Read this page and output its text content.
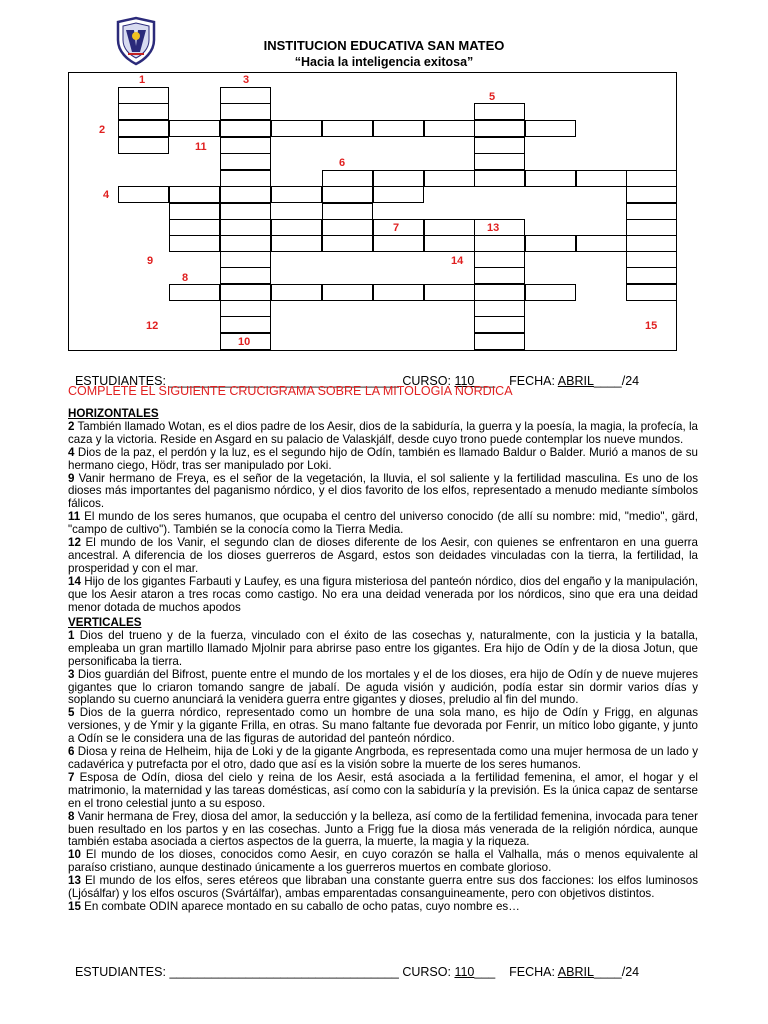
INSTITUCION EDUCATIVA SAN MATEO
“Hacia la inteligencia exitosa”
1
2
3
4
5
6
7
8
9
10
11
12
13
14
15

ESTUDIANTES: _________________________________ CURSO: 110___ FECHA: ABRIL____/24

COMPLETE EL SIGUIENTE CRUCIGRAMA SOBRE LA MITOLOGIA NORDICA
HORIZONTALES

2 También llamado Wotan, es el dios padre de los Aesir, dios de la sabiduría, la guerra y la poesía, la magia, la profecía, la caza y la victoria. Reside en Asgard en su palacio de Valaskjálf, desde cuyo trono puede contemplar los nueve mundos.

4 Dios de la paz, el perdón y la luz, es el segundo hijo de Odín, también es llamado Baldur o Balder. Murió a manos de su hermano ciego, Hödr, tras ser manipulado por Loki.

9 Vanir hermano de Freya, es el señor de la vegetación, la lluvia, el sol saliente y la fertilidad masculina. Es uno de los dioses más importantes del paganismo nórdico, y el dios favorito de los elfos, representado a menudo mediante símbolos fálicos.

11 El mundo de los seres humanos, que ocupaba el centro del universo conocido (de allí su nombre: mid, "medio", gärd, "campo de cultivo"). También se la conocía como la Tierra Media.

12 El mundo de los Vanir, el segundo clan de dioses diferente de los Aesir, con quienes se enfrentaron en una guerra ancestral. A diferencia de los dioses guerreros de Asgard, estos son deidades vinculadas con la tierra, la fertilidad, la prosperidad y con el mar.

14 Hijo de los gigantes Farbauti y Laufey, es una figura misteriosa del panteón nórdico, dios del engaño y la manipulación, que los Aesir ataron a tres rocas como castigo. No era una deidad venerada por los nórdicos, sino que era una deidad menor dotada de muchos apodos

VERTICALES

1 Dios del trueno y de la fuerza, vinculado con el éxito de las cosechas y, naturalmente, con la justicia y la batalla, empleaba un gran martillo llamado Mjolnir para abrirse paso entre los gigantes. Era hijo de Odín y de la diosa Jotun, que personificaba la tierra.

3 Dios guardián del Bifrost, puente entre el mundo de los mortales y el de los dioses, era hijo de Odín y de nueve mujeres gigantes que lo criaron tomando sangre de jabalí. De aguda visión y audición, podía estar sin dormir varios días y soplando su cuerno anunciará la venidera guerra entre gigantes y dioses, preludio al fin del mundo.

5 Dios de la guerra nórdico, representado como un hombre de una sola mano, es hijo de Odín y Frigg, en algunas versiones, y de Ymir y la gigante Frilla, en otras. Su mano faltante fue devorada por Fenrir, un mítico lobo gigante, y junto a Odín se le considera una de las figuras de autoridad del panteón nórdico.

6 Diosa y reina de Helheim, hija de Loki y de la gigante Angrboda, es representada como una mujer hermosa de un lado y cadavérica y putrefacta por el otro, dado que así es la visión sobre la muerte de los seres humanos.

7 Esposa de Odín, diosa del cielo y reina de los Aesir, está asociada a la fertilidad femenina, el amor, el hogar y el matrimonio, la maternidad y las tareas domésticas, así como con la sabiduría y la previsión. Es la única capaz de sentarse en el trono celestial junto a su esposo.

8 Vanir hermana de Frey, diosa del amor, la seducción y la belleza, así como de la fertilidad femenina, invocada para tener buen resultado en los partos y en las cosechas. Junto a Frigg fue la diosa más venerada de la religión nórdica, aunque también estaba asociada a ciertos aspectos de la guerra, la muerte, la magia y la riqueza.

10 El mundo de los dioses, conocidos como Aesir, en cuyo corazón se halla el Valhalla, más o menos equivalente al paraíso cristiano, aunque destinado únicamente a los guerreros muertos en combate glorioso.

13 El mundo de los elfos, seres etéreos que libraban una constante guerra entre sus dos facciones: los elfos luminosos (Ljósálfar) y los elfos oscuros (Svártálfar), ambas emparentadas consanguineamente, pero con objetivos distintos.

15 En combate ODIN aparece montado en su caballo de ocho patas, cuyo nombre es…

ESTUDIANTES: _________________________________ CURSO: 110___ FECHA: ABRIL____/24
